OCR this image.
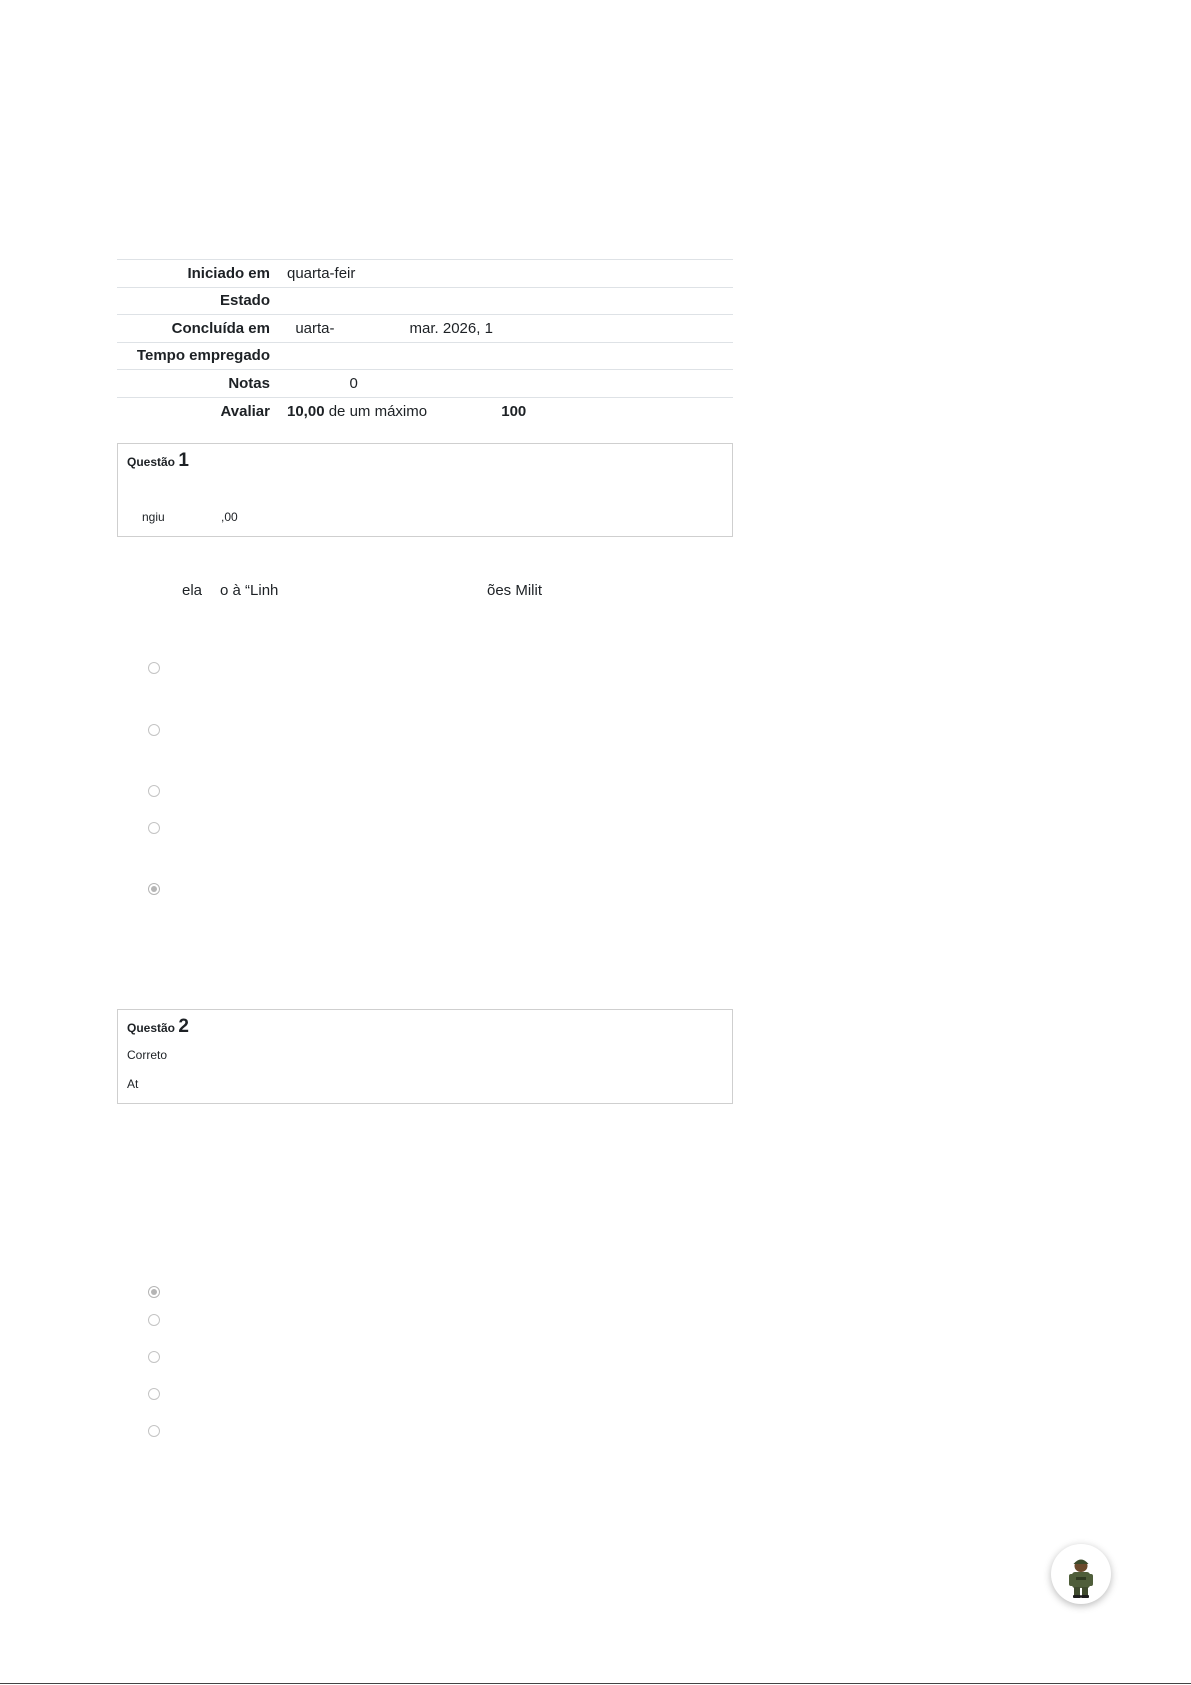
Iniciado em	quarta-feir
Estado	
Concluída em	uarta-                  mar. 2026, 1
Tempo empregado	
Notas	0
Avaliar	10,00 de um máximo 100
Questão 1
ngiu	,00
ela o à “Linh	ões Milit
Questão 2
Correto
At
